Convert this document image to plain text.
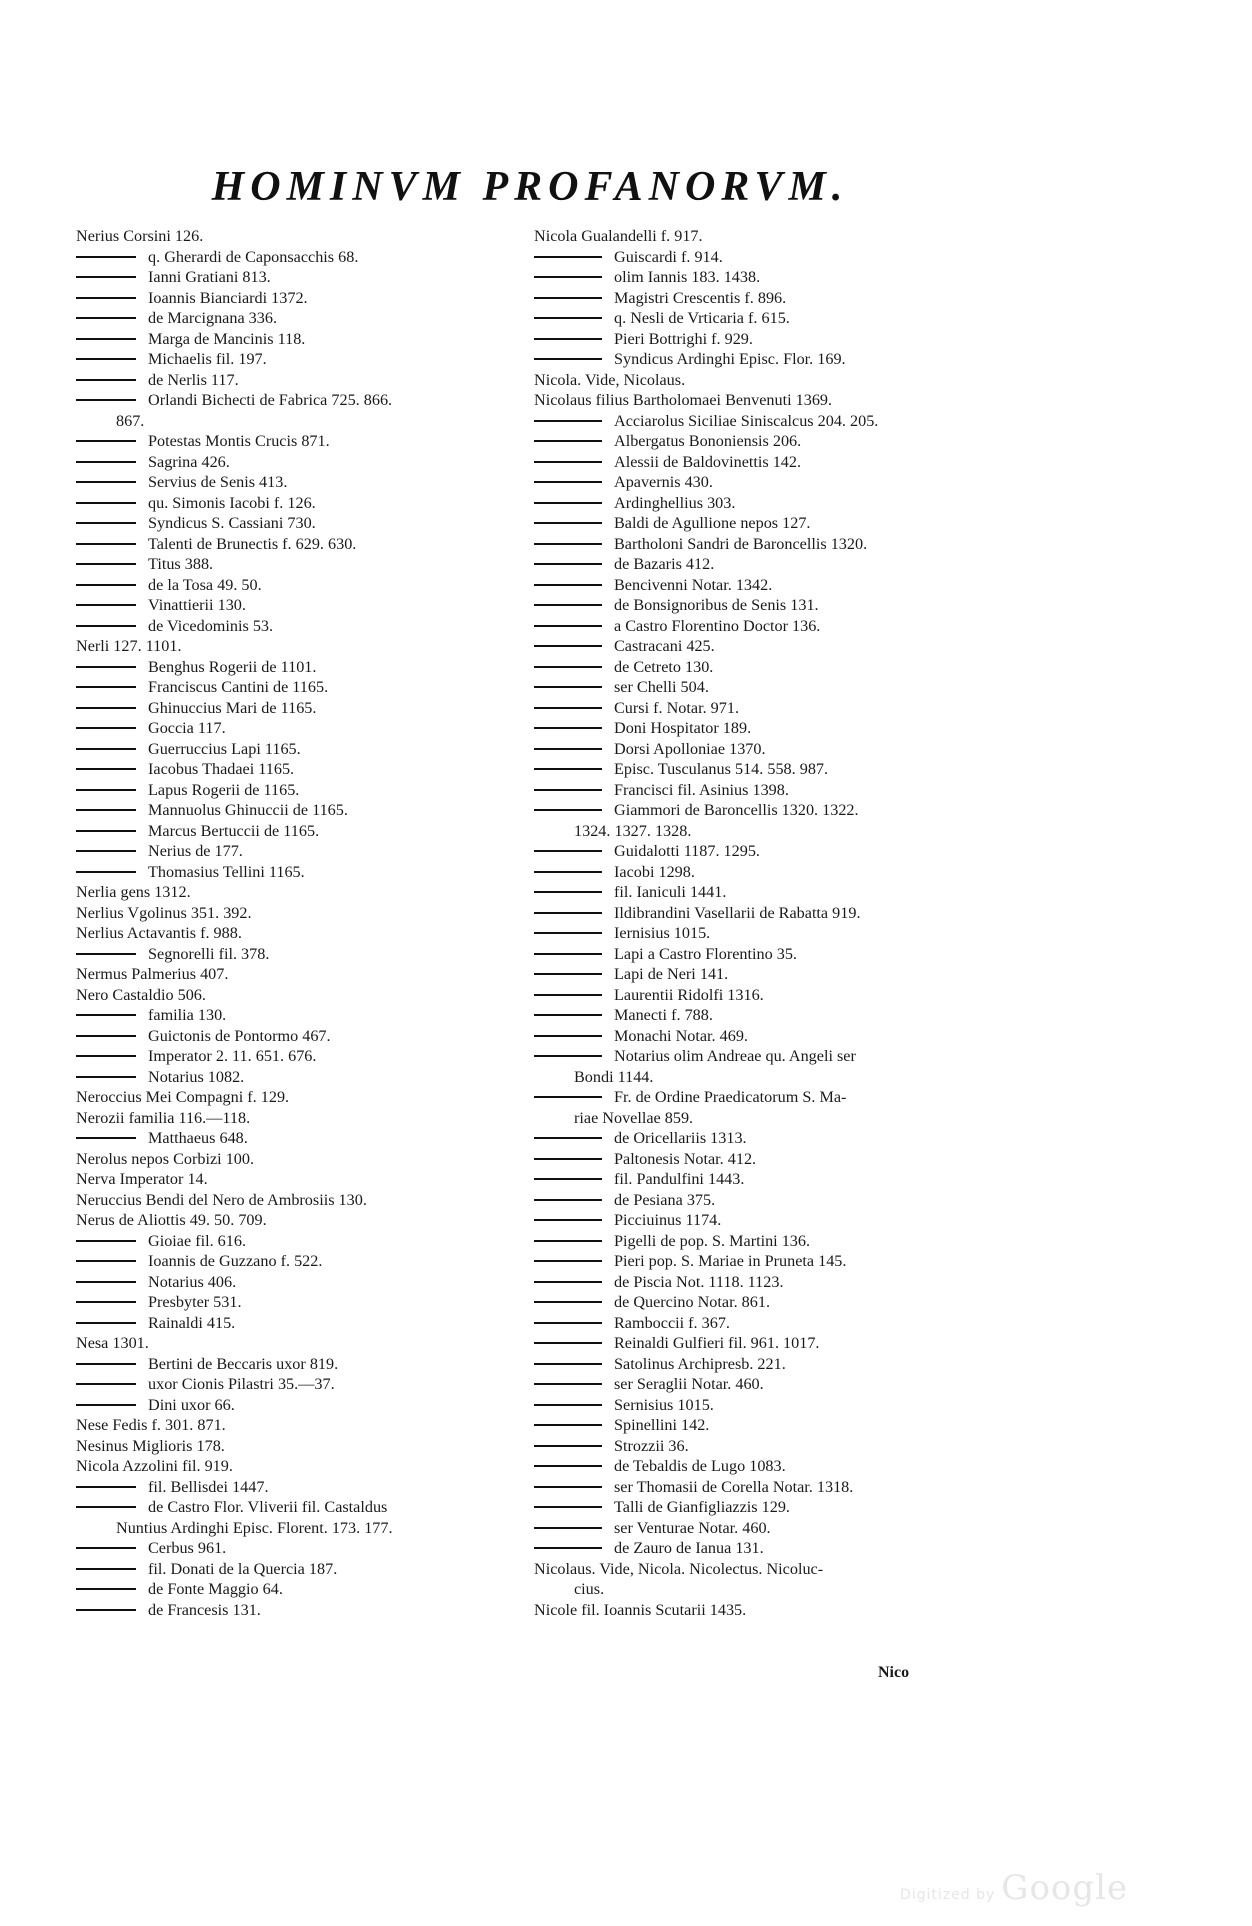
HOMINVM PROFANORVM.
Nerius Corsini 126.
q. Gherardi de Caponsacchis 68.
Ianni Gratiani 813.
Ioannis Bianciardi 1372.
de Marcignana 336.
Marga de Mancinis 118.
Michaelis fil. 197.
de Nerlis 117.
Orlandi Bichecti de Fabrica 725. 866.
867.
Potestas Montis Crucis 871.
Sagrina 426.
Servius de Senis 413.
qu. Simonis Iacobi f. 126.
Syndicus S. Cassiani 730.
Talenti de Brunectis f. 629. 630.
Titus 388.
de la Tosa 49. 50.
Vinattierii 130.
de Vicedominis 53.
Nerli 127. 1101.
Benghus Rogerii de 1101.
Franciscus Cantini de 1165.
Ghinuccius Mari de 1165.
Goccia 117.
Guerruccius Lapi 1165.
Iacobus Thadaei 1165.
Lapus Rogerii de 1165.
Mannuolus Ghinuccii de 1165.
Marcus Bertuccii de 1165.
Nerius de 177.
Thomasius Tellini 1165.
Nerlia gens 1312.
Nerlius Vgolinus 351. 392.
Nerlius Actavantis f. 988.
Segnorelli fil. 378.
Nermus Palmerius 407.
Nero Castaldio 506.
familia 130.
Guictonis de Pontormo 467.
Imperator 2. 11. 651. 676.
Notarius 1082.
Neroccius Mei Compagni f. 129.
Nerozii familia 116.—118.
Matthaeus 648.
Nerolus nepos Corbizi 100.
Nerva Imperator 14.
Neruccius Bendi del Nero de Ambrosiis 130.
Nerus de Aliottis 49. 50. 709.
Gioiae fil. 616.
Ioannis de Guzzano f. 522.
Notarius 406.
Presbyter 531.
Rainaldi 415.
Nesa 1301.
Bertini de Beccaris uxor 819.
uxor Cionis Pilastri 35.—37.
Dini uxor 66.
Nese Fedis f. 301. 871.
Nesinus Miglioris 178.
Nicola Azzolini fil. 919.
fil. Bellisdei 1447.
de Castro Flor. Vliverii fil. Castaldus
Nuntius Ardinghi Episc. Florent. 173. 177.
Cerbus 961.
fil. Donati de la Quercia 187.
de Fonte Maggio 64.
de Francesis 131.
Nicola Gualandelli f. 917.
Guiscardi f. 914.
olim Iannis 183. 1438.
Magistri Crescentis f. 896.
q. Nesli de Vrticaria f. 615.
Pieri Bottrighi f. 929.
Syndicus Ardinghi Episc. Flor. 169.
Nicola. Vide, Nicolaus.
Nicolaus filius Bartholomaei Benvenuti 1369.
Acciarolus Siciliae Siniscalcus 204. 205.
Albergatus Bononiensis 206.
Alessii de Baldovinettis 142.
Apavernis 430.
Ardinghellius 303.
Baldi de Agullione nepos 127.
Bartholoni Sandri de Baroncellis 1320.
de Bazaris 412.
Bencivenni Notar. 1342.
de Bonsignoribus de Senis 131.
a Castro Florentino Doctor 136.
Castracani 425.
de Cetreto 130.
ser Chelli 504.
Cursi f. Notar. 971.
Doni Hospitator 189.
Dorsi Apolloniae 1370.
Episc. Tusculanus 514. 558. 987.
Francisci fil. Asinius 1398.
Giammori de Baroncellis 1320. 1322.
1324. 1327. 1328.
Guidalotti 1187. 1295.
Iacobi 1298.
fil. Ianiculi 1441.
Ildibrandini Vasellarii de Rabatta 919.
Iernisius 1015.
Lapi a Castro Florentino 35.
Lapi de Neri 141.
Laurentii Ridolfi 1316.
Manecti f. 788.
Monachi Notar. 469.
Notarius olim Andreae qu. Angeli ser
Bondi 1144.
Fr. de Ordine Praedicatorum S. Ma-
riae Novellae 859.
de Oricellariis 1313.
Paltonesis Notar. 412.
fil. Pandulfini 1443.
de Pesiana 375.
Picciuinus 1174.
Pigelli de pop. S. Martini 136.
Pieri pop. S. Mariae in Pruneta 145.
de Piscia Not. 1118. 1123.
de Quercino Notar. 861.
Ramboccii f. 367.
Reinaldi Gulfieri fil. 961. 1017.
Satolinus Archipresb. 221.
ser Seraglii Notar. 460.
Sernisius 1015.
Spinellini 142.
Strozzii 36.
de Tebaldis de Lugo 1083.
ser Thomasii de Corella Notar. 1318.
Talli de Gianfigliazzis 129.
ser Venturae Notar. 460.
de Zauro de Ianua 131.
Nicolaus. Vide, Nicola. Nicolectus. Nicoluc-
cius.
Nicole fil. Ioannis Scutarii 1435.
Nico
Digitized by Google
